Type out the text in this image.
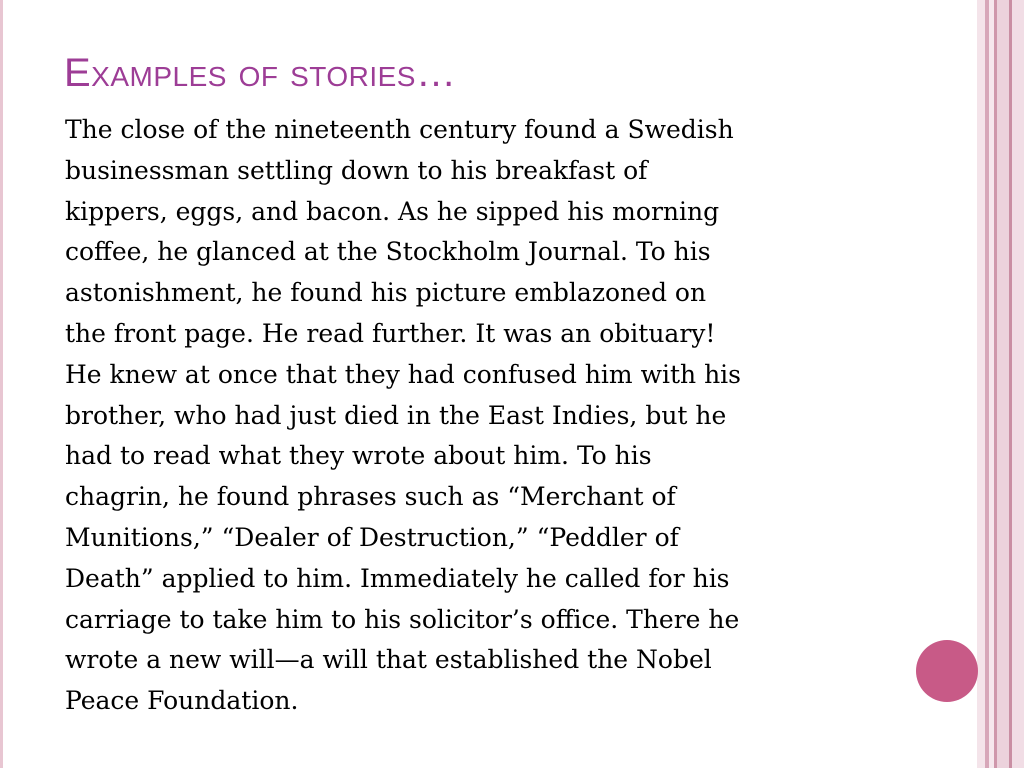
Examples of stories…
The close of the nineteenth century found a Swedish
businessman settling down to his breakfast of
kippers, eggs, and bacon. As he sipped his morning
coffee, he glanced at the Stockholm Journal. To his
astonishment, he found his picture emblazoned on
the front page. He read further. It was an obituary!
He knew at once that they had confused him with his
brother, who had just died in the East Indies, but he
had to read what they wrote about him. To his
chagrin, he found phrases such as “Merchant of
Munitions,” “Dealer of Destruction,” “Peddler of
Death” applied to him. Immediately he called for his
carriage to take him to his solicitor’s office. There he
wrote a new will—a will that established the Nobel
Peace Foundation.
